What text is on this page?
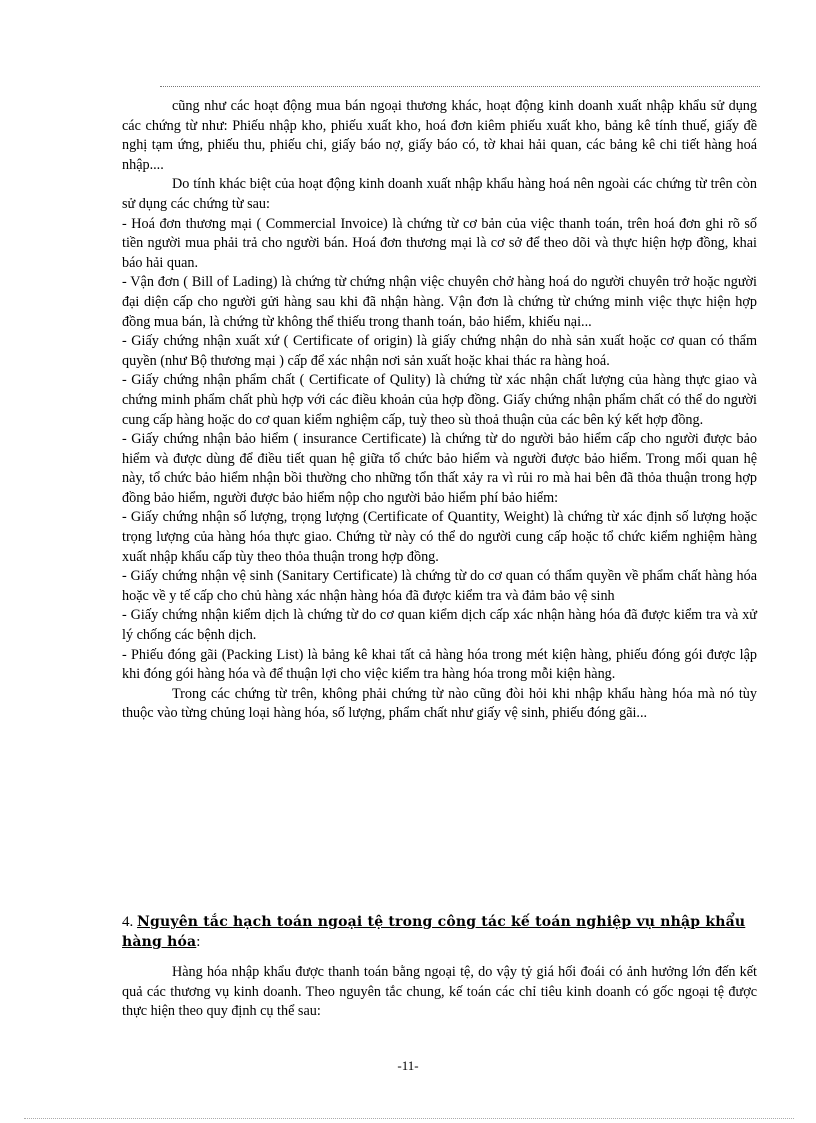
cũng như các hoạt động mua bán ngoại thương khác, hoạt động kinh doanh xuất nhập khẩu sử dụng các chứng từ như: Phiếu nhập kho, phiếu xuất kho, hoá đơn kiêm phiếu xuất kho, bảng kê tính thuế, giấy đề nghị tạm ứng, phiếu thu, phiếu chi, giấy báo nợ, giấy báo có, tờ khai hải quan, các bảng kê chi tiết hàng hoá nhập....

Do tính khác biệt của hoạt động kinh doanh xuất nhập khẩu hàng hoá nên ngoài các chứng từ trên còn sử dụng các chứng từ sau:

- Hoá đơn thương mại ( Commercial Invoice) là chứng từ cơ bản của việc thanh toán, trên hoá đơn ghi rõ số tiền người mua phải trả cho người bán. Hoá đơn thương mại là cơ sở để theo dõi và thực hiện hợp đồng, khai báo hải quan.

- Vận đơn ( Bill of Lading) là chứng từ chứng nhận việc chuyên chở hàng hoá do người chuyên trở hoặc người đại diện cấp cho người gửi hàng sau khi đã nhận hàng. Vận đơn là chứng từ chứng minh việc thực hiện hợp đồng mua bán, là chứng từ không thể thiếu trong thanh toán, bảo hiểm, khiếu nại...

- Giấy chứng nhận xuất xứ ( Certificate of origin) là giấy chứng nhận do nhà sản xuất hoặc cơ quan có thẩm quyền (như Bộ thương mại ) cấp để xác nhận nơi sản xuất hoặc khai thác ra hàng hoá.

- Giấy chứng nhận phẩm chất ( Certificate of Qulity) là chứng từ xác nhận chất lượng của hàng thực giao và chứng minh phẩm chất phù hợp với các điều khoản của hợp đồng. Giấy chứng nhận phẩm chất có thể do người cung cấp hàng hoặc do cơ quan kiểm nghiệm cấp, tuỳ theo sù thoả thuận của các bên ký kết hợp đồng.

- Giấy chứng nhận bảo hiểm ( insurance Certificate) là chứng từ do người bảo hiểm cấp cho người được bảo hiểm và được dùng để điều tiết quan hệ giữa tổ chức bảo hiểm và người được bảo hiểm. Trong mối quan hệ này, tổ chức bảo hiểm nhận bồi thường cho những tổn thất xảy ra vì rủi ro mà hai bên đã thỏa thuận trong hợp đồng bảo hiểm, người được bảo hiểm nộp cho người bảo hiểm phí bảo hiểm:

- Giấy chứng nhận số lượng, trọng lượng (Certificate of Quantity, Weight) là chứng từ xác định số lượng hoặc trọng lượng của hàng hóa thực giao. Chứng từ này có thể do người cung cấp hoặc tổ chức kiểm nghiệm hàng xuất nhập khẩu cấp tùy theo thỏa thuận trong hợp đồng.

- Giấy chứng nhận vệ sinh (Sanitary Certificate) là chứng từ do cơ quan có thẩm quyền về phẩm chất hàng hóa hoặc về y tế cấp cho chủ hàng xác nhận hàng hóa đã được kiểm tra và đảm bảo vệ sinh

- Giấy chứng nhận kiểm dịch là chứng từ do cơ quan kiểm dịch cấp xác nhận hàng hóa đã được kiểm tra và xử lý chống các bệnh dịch.

- Phiếu đóng gãi (Packing List) là bảng kê khai tất cả hàng hóa trong mét kiện hàng, phiếu đóng gói được lập khi đóng gói hàng hóa và để thuận lợi cho việc kiểm tra hàng hóa trong mỗi kiện hàng.

Trong các chứng từ trên, không phải chứng từ nào cũng đòi hỏi khi nhập khẩu hàng hóa mà nó tùy thuộc vào từng chủng loại hàng hóa, số lượng, phẩm chất như giấy vệ sinh, phiếu đóng gãi...

4. Nguyên tắc hạch toán ngoại tệ trong công tác kế toán nghiệp vụ nhập khẩu hàng hóa:

Hàng hóa nhập khẩu được thanh toán bằng ngoại tệ, do vậy tỷ giá hối đoái có ảnh hưởng lớn đến kết quả các thương vụ kinh doanh. Theo nguyên tắc chung, kế toán các chỉ tiêu kinh doanh có gốc ngoại tệ được thực hiện theo quy định cụ thể sau:

-11-
